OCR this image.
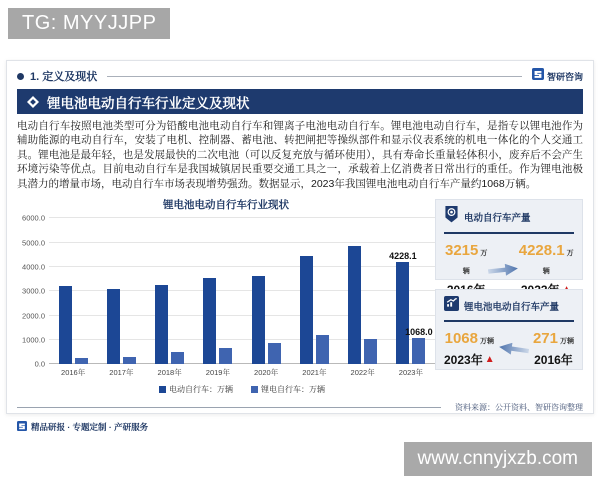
TG: MYYJJPP
1. 定义及现状	智研咨询
锂电池电动自行车行业定义及现状
电动自行车按照电池类型可分为铅酸电池电动自行车和锂离子电池电动自行车。锂电池电动自行车，是指专以锂电池作为辅助能源的电动自行车，安装了电机、控制器、蓄电池、转把闸把等操纵部件和显示仪表系统的机电一体化的个人交通工具。锂电池是最年轻，也是发展最快的二次电池（可以反复充放与循环使用），具有寿命长重量轻体积小，废弃后不会产生环境污染等优点。目前电动自行车是我国城镇居民重要交通工具之一，承载着上亿消费者日常出行的重任。作为锂电池极具潜力的增量市场，电动自行车市场表现增势强劲。数据显示，2023年我国锂电池电动自行车产量约1068万辆。
锂电池电动自行车行业现状
0.0
1000.0
2000.0
3000.0
4000.0
5000.0
6000.0
4228.1
1068.0
2016年	2017年	2018年	2019年	2020年	2021年	2022年	2023年
电动自行车：万辆	锂电自行车：万辆
电动自行车产量
3215 万辆
4228.1 万辆
锂电池电动自行车产量
1068 万辆
2023年 ▲
271 万辆
2016年
资料来源：公开资料、智研咨询整理
精品研报 · 专题定制 · 产研服务
www.cnnyjxzb.com
